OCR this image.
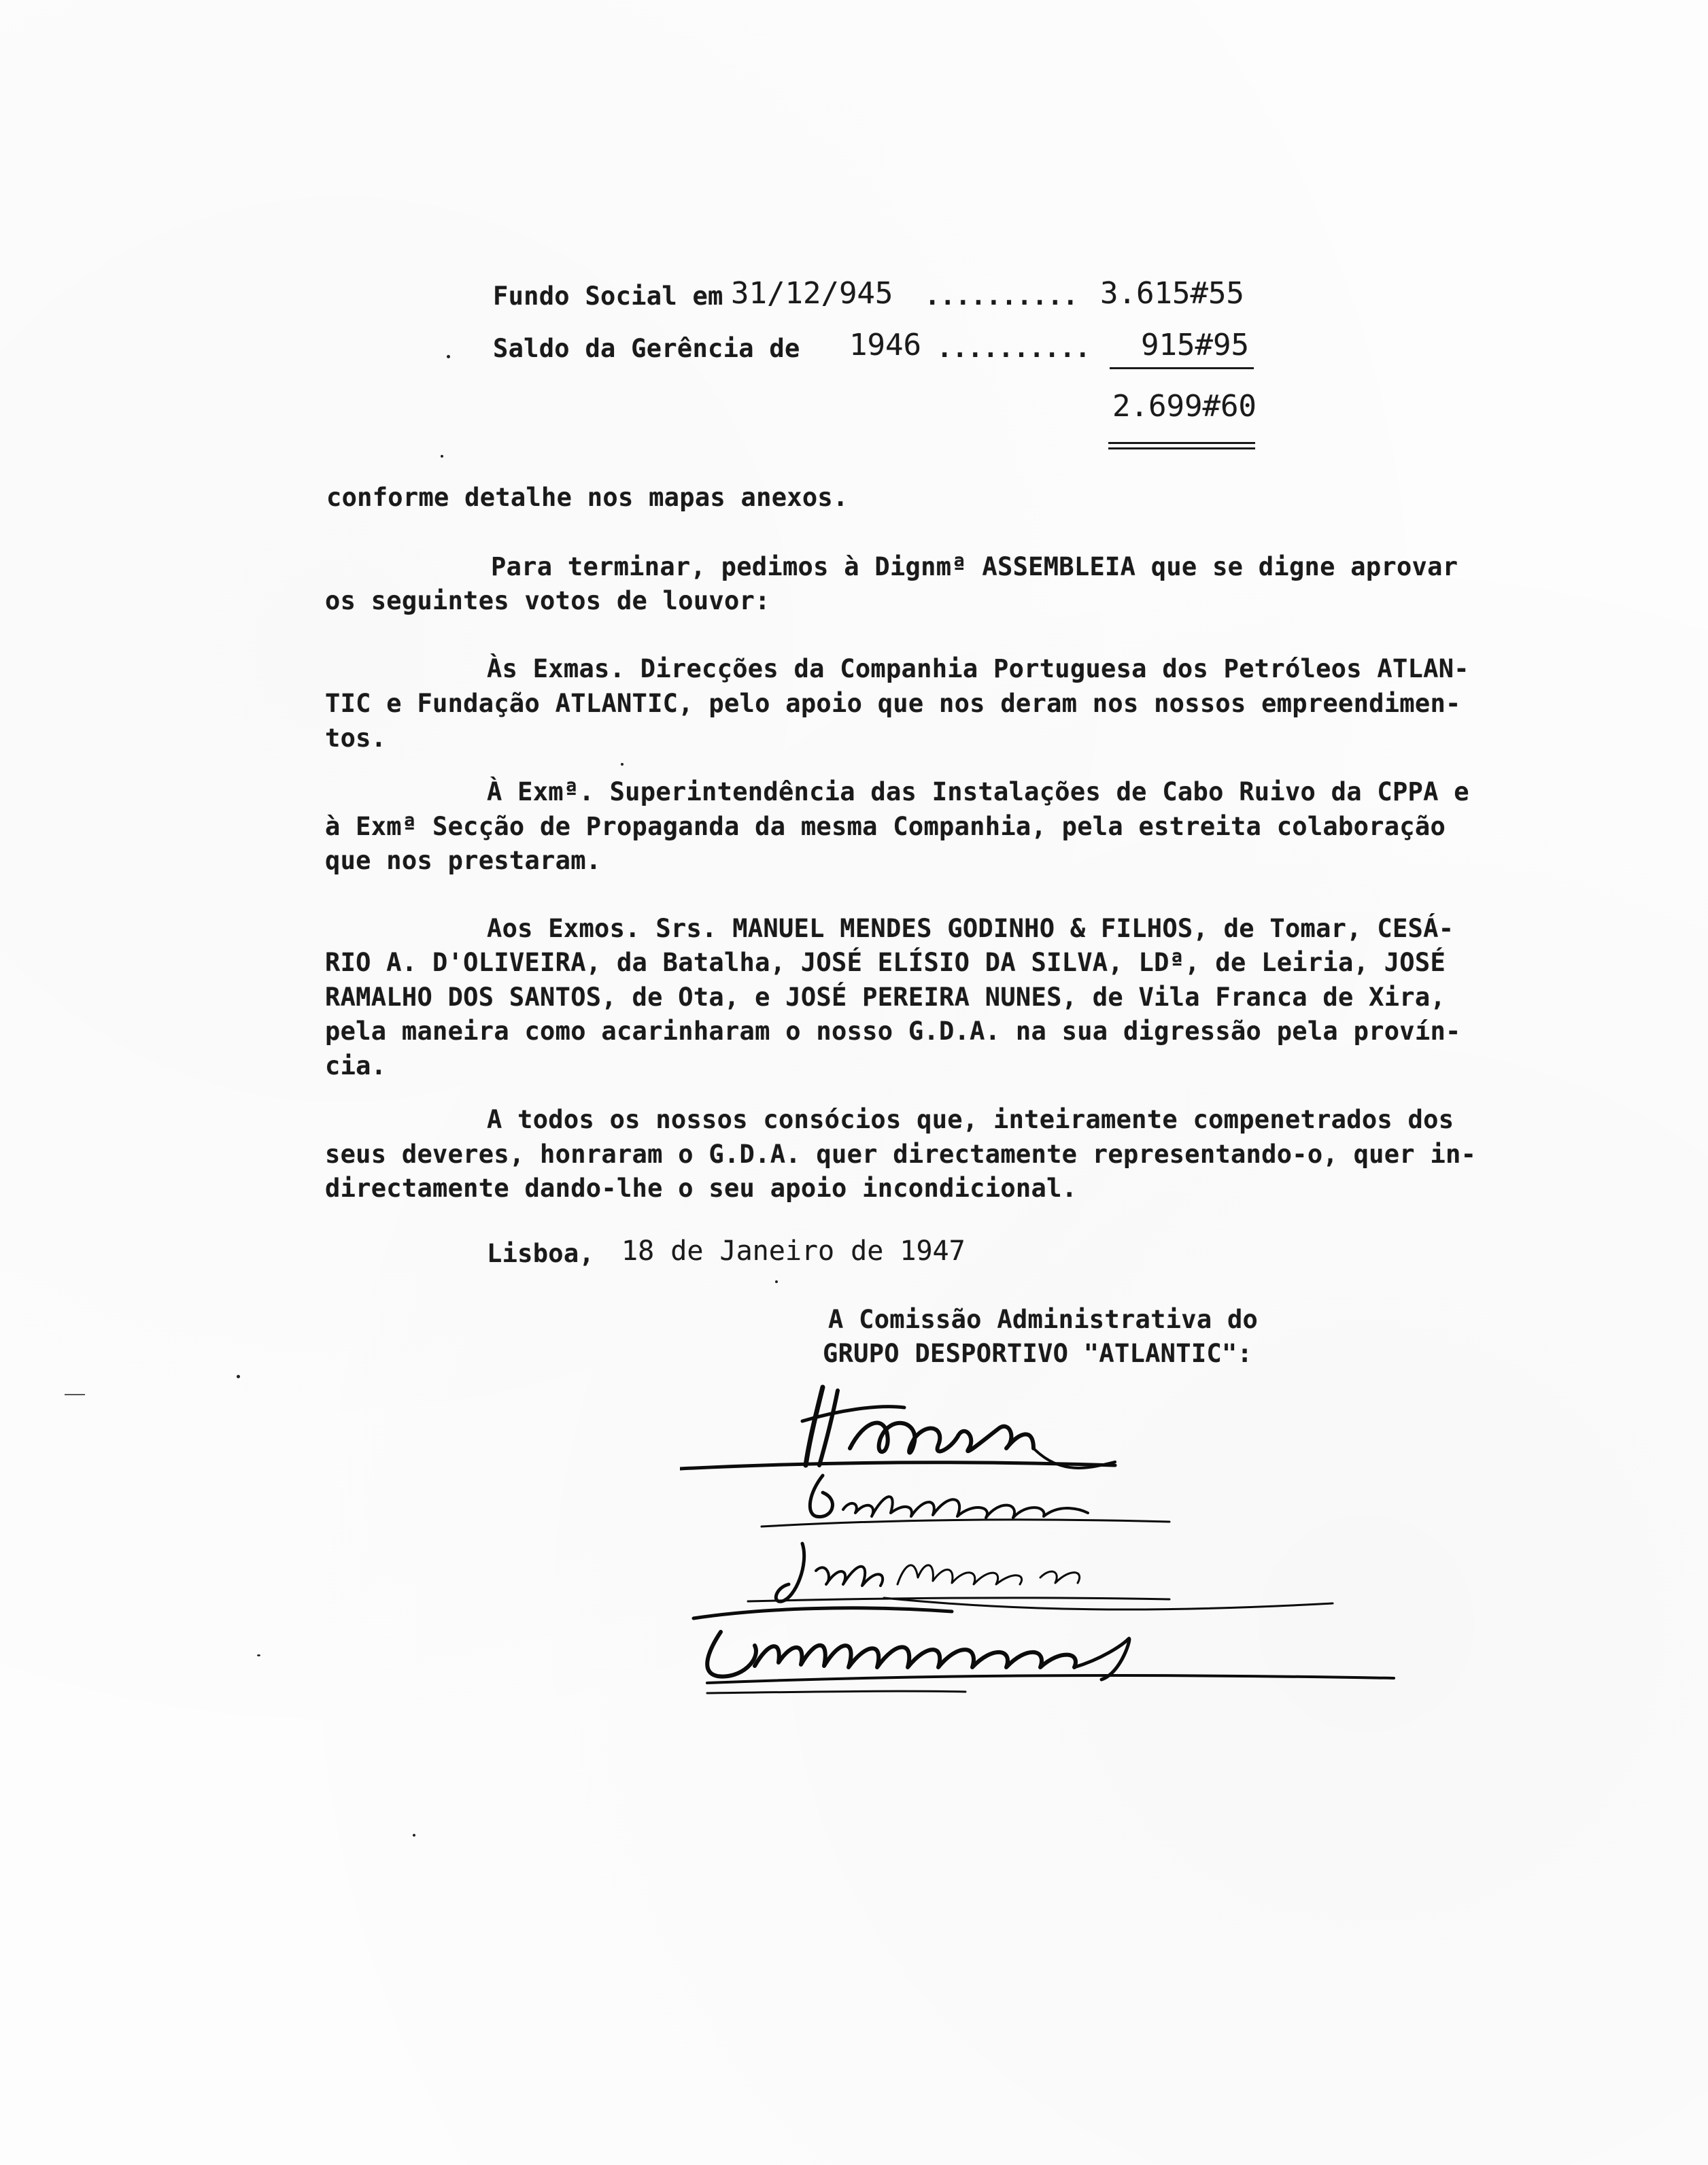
Fundo Social em 31/12/945 .......... 3.615#55
Saldo da Gerência de 1946 .......... 915#95
2.699#60
conforme detalhe nos mapas anexos.
Para terminar, pedimos à Dignmª ASSEMBLEIA que se digne aprovar
os seguintes votos de louvor:
Às Exmas. Direcções da Companhia Portuguesa dos Petróleos ATLAN-
TIC e Fundação ATLANTIC, pelo apoio que nos deram nos nossos empreendimen-
tos.
À Exmª. Superintendência das Instalações de Cabo Ruivo da CPPA e
à Exmª Secção de Propaganda da mesma Companhia, pela estreita colaboração
que nos prestaram.
Aos Exmos. Srs. MANUEL MENDES GODINHO & FILHOS, de Tomar, CESÁ-
RIO A. D'OLIVEIRA, da Batalha, JOSÉ ELÍSIO DA SILVA, LDª, de Leiria, JOSÉ
RAMALHO DOS SANTOS, de Ota, e JOSÉ PEREIRA NUNES, de Vila Franca de Xira,
pela maneira como acarinharam o nosso G.D.A. na sua digressão pela provín-
cia.
A todos os nossos consócios que, inteiramente compenetrados dos
seus deveres, honraram o G.D.A. quer directamente representando-o, quer in-
directamente dando-lhe o seu apoio incondicional.
Lisboa, 18 de Janeiro de 1947
A Comissão Administrativa do
GRUPO DESPORTIVO "ATLANTIC":
